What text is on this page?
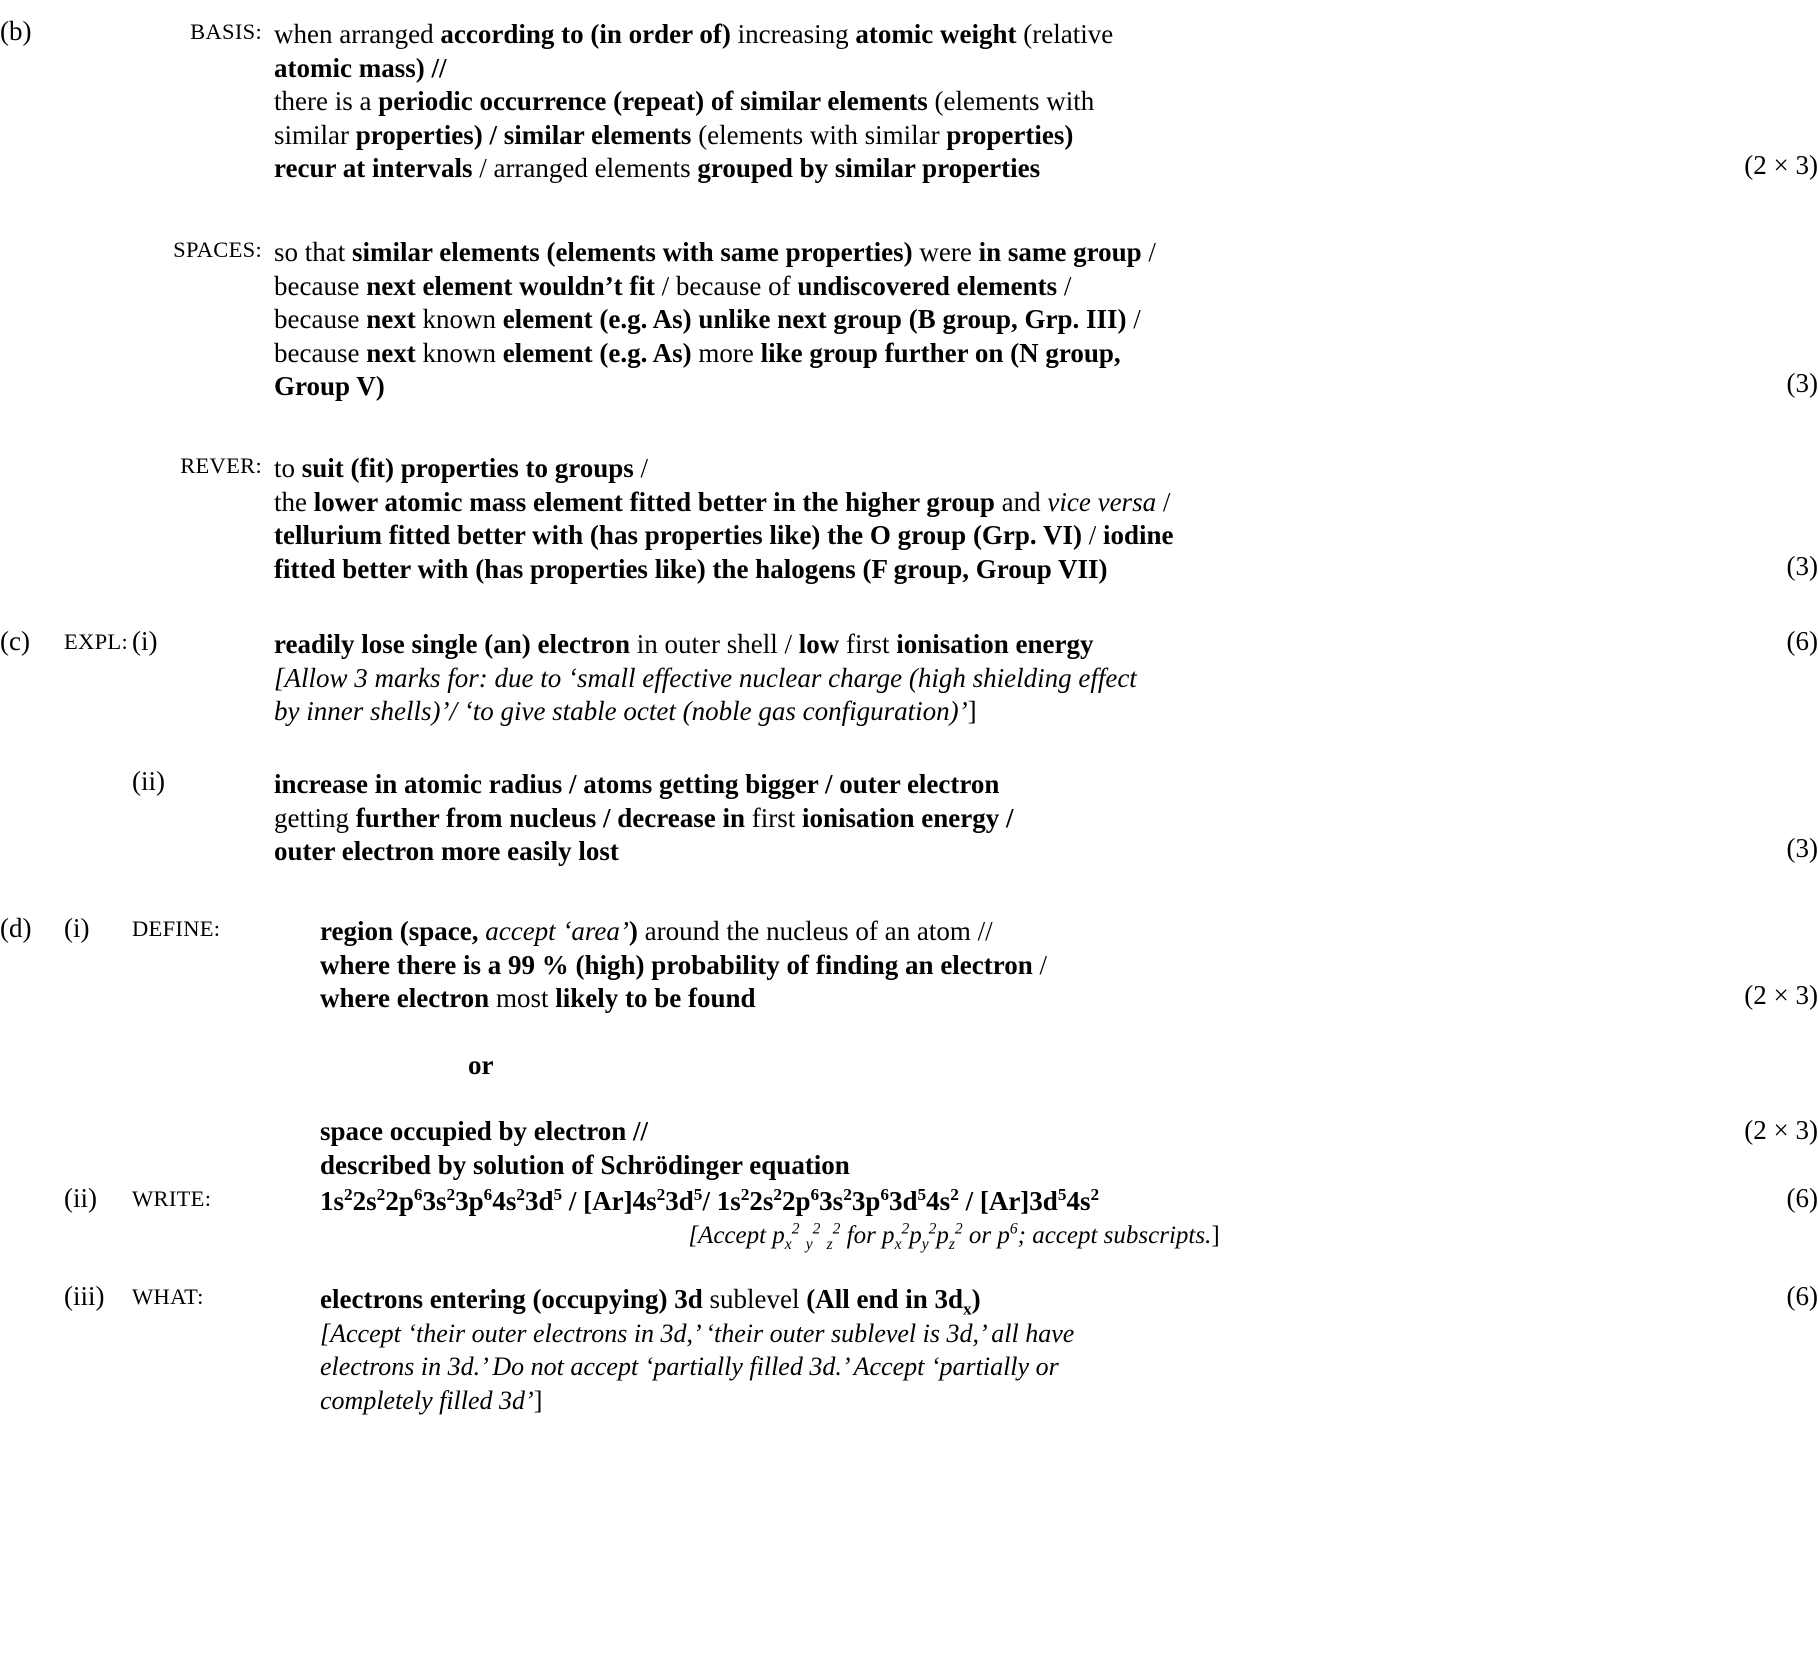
(b)	BASIS: when arranged according to (in order of) increasing atomic weight (relative

atomic mass) //

there is a periodic occurrence (repeat) of similar elements (elements with

similar properties) / similar elements (elements with similar properties)

recur at intervals / arranged elements grouped by similar properties	(2 × 3)
SPACES: so that similar elements (elements with same properties) were in same group /

because next element wouldn’t fit / because of undiscovered elements /

because next known element (e.g. As) unlike next group (B group, Grp. III) /

because next known element (e.g. As) more like group further on (N group,

Group V)	(3)
REVER: to suit (fit) properties to groups /

the lower atomic mass element fitted better in the higher group and vice versa /

tellurium fitted better with (has properties like) the O group (Grp. VI) / iodine

fitted better with (has properties like) the halogens (F group, Group VII)	(3)
(c)	EXPL: (i)	readily lose single (an) electron in outer shell / low first ionisation energy

[Allow 3 marks for: due to ‘small effective nuclear charge (high shielding effect

by inner shells)’/ ‘to give stable octet (noble gas configuration)’]

(6)
(ii)	increase in atomic radius / atoms getting bigger / outer electron

getting further from nucleus / decrease in first ionisation energy /

outer electron more easily lost	(3)
(d)	(i)	DEFINE:	region (space, accept ‘area’) around the nucleus of an atom //

where there is a 99 % (high) probability of finding an electron /

where electron most likely to be found

or

space occupied by electron //

described by solution of Schrödinger equation

(2 × 3)
(2 × 3)
(ii)	WRITE:	$1s^22s^22p^63s^23p^64s^23d^5 / [Ar]4s^23d^5/$ $1s^22s^22p^63s^23p^63d^54s^2 / [Ar]3d^54s^2$

[Accept $p_x^2$ $_y^2$ $_z^2$ for $p_x^2p_y^2p_z^2$ or $p^6$; accept subscripts.]

(6)
(iii)	WHAT:	electrons entering (occupying) 3d sublevel (All end in $3d_x$)

[Accept ‘their outer electrons in 3d,’ ‘their outer sublevel is 3d,’ all have

electrons in 3d.’ Do not accept ‘partially filled 3d.’ Accept ‘partially or

completely filled 3d’]

(6)
